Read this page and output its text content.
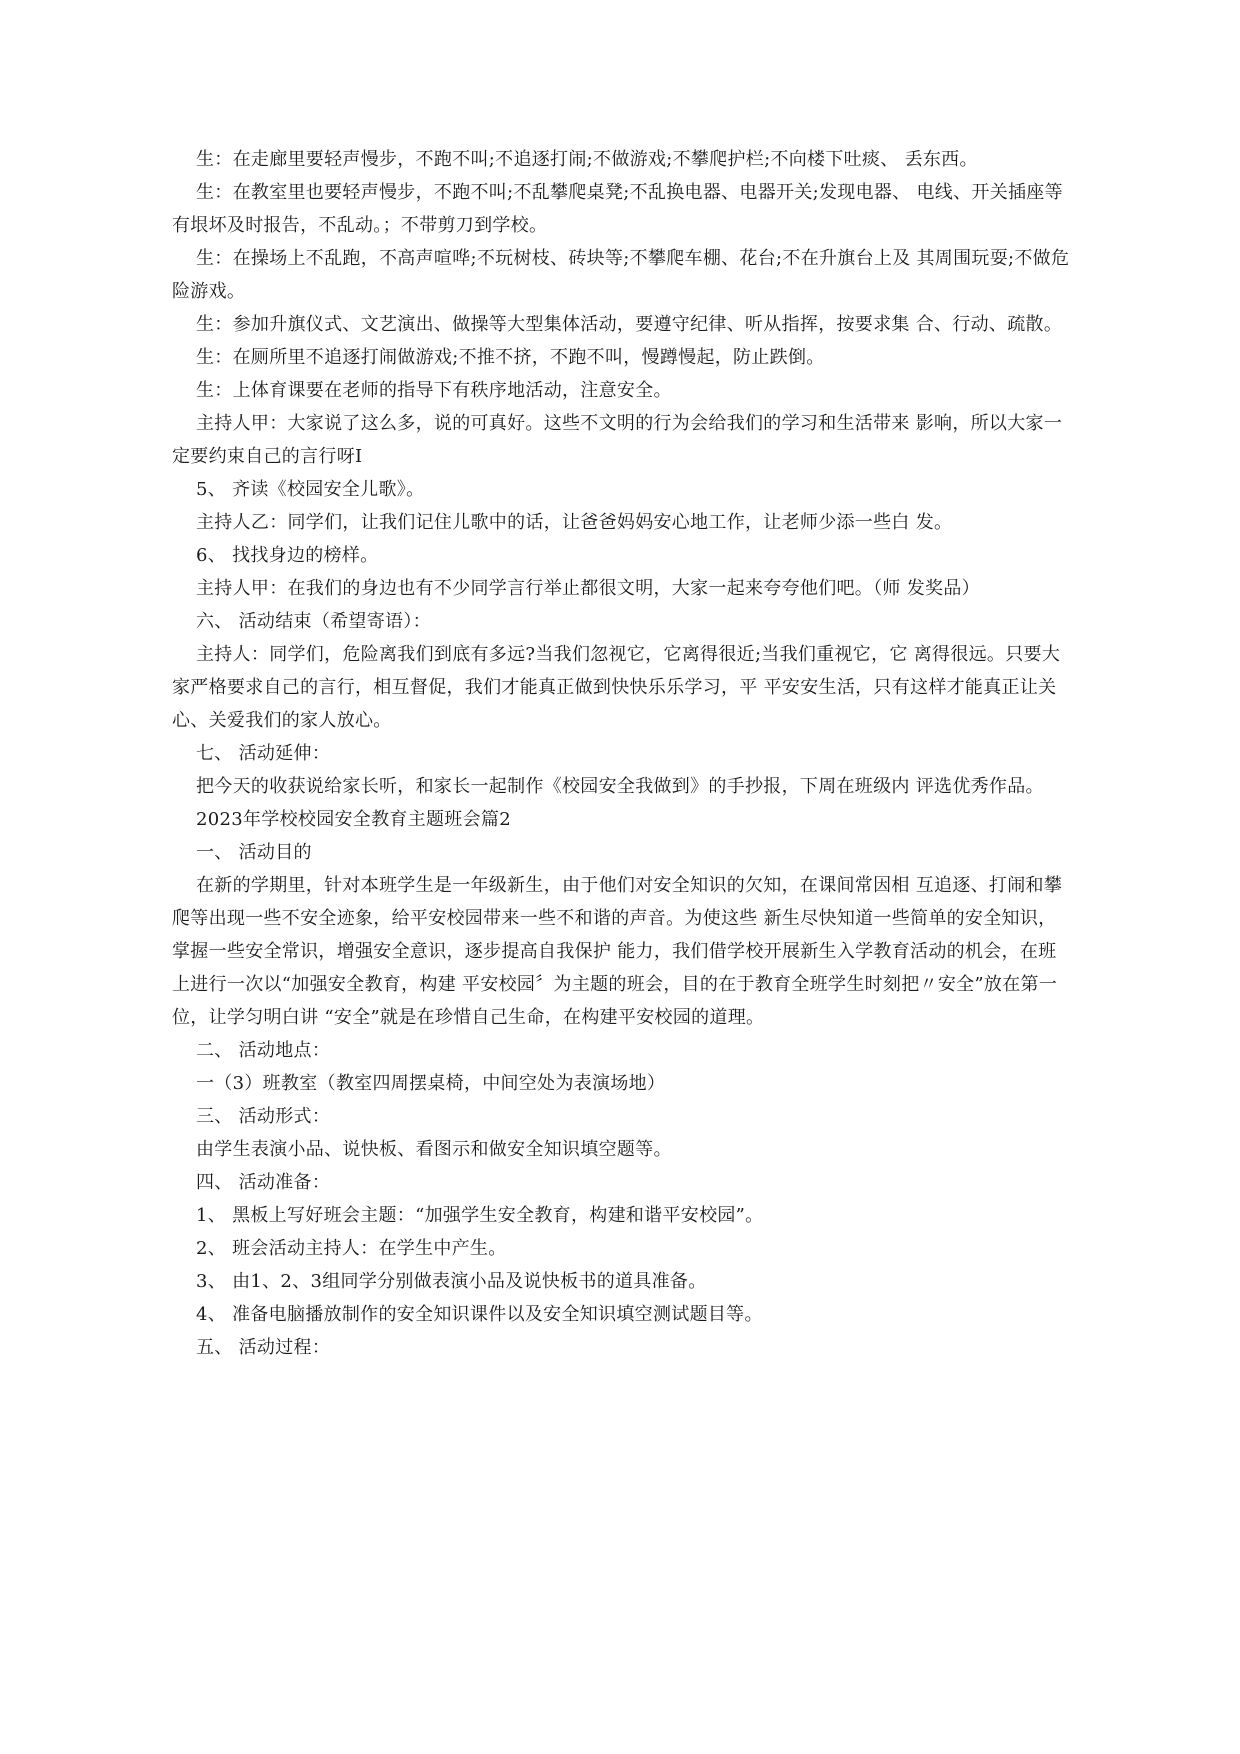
生：在走廊里要轻声慢步，不跑不叫;不追逐打闹;不做游戏;不攀爬护栏;不向楼下吐痰、 丢东西。

生：在教室里也要轻声慢步，不跑不叫;不乱攀爬桌凳;不乱换电器、电器开关;发现电器、 电线、开关插座等有垠坏及时报告，不乱动。；不带剪刀到学校。

生：在操场上不乱跑，不高声喧哗;不玩树枝、砖块等;不攀爬车棚、花台;不在升旗台上及 其周围玩耍;不做危险游戏。

生：参加升旗仪式、文艺演出、做操等大型集体活动，要遵守纪律、听从指挥，按要求集 合、行动、疏散。

生：在厕所里不追逐打闹做游戏;不推不挤，不跑不叫，慢蹲慢起，防止跌倒。

生：上体育课要在老师的指导下有秩序地活动，注意安全。

主持人甲：大家说了这么多，说的可真好。这些不文明的行为会给我们的学习和生活带来 影响，所以大家一定要约束自己的言行呀I

5、 齐读《校园安全儿歌》。

主持人乙：同学们，让我们记住儿歌中的话，让爸爸妈妈安心地工作，让老师少添一些白 发。

6、 找找身边的榜样。

主持人甲：在我们的身边也有不少同学言行举止都很文明，大家一起来夸夸他们吧。（师 发奖品）

六、 活动结束（希望寄语）：

主持人：同学们，危险离我们到底有多远?当我们忽视它，它离得很近;当我们重视它，它 离得很远。只要大家严格要求自己的言行，相互督促，我们才能真正做到快快乐乐学习，平 平安安生活，只有这样才能真正让关心、关爱我们的家人放心。

七、 活动延伸：

把今天的收获说给家长听，和家长一起制作《校园安全我做到》的手抄报，下周在班级内 评选优秀作品。

2023年学校校园安全教育主题班会篇2

一、 活动目的

在新的学期里，针对本班学生是一年级新生，由于他们对安全知识的欠知，在课间常因相 互追逐、打闹和攀爬等出现一些不安全迹象，给平安校园带来一些不和谐的声音。为使这些 新生尽快知道一些简单的安全知识，掌握一些安全常识，增强安全意识，逐步提高自我保护 能力，我们借学校开展新生入学教育活动的机会，在班上进行一次以“加强安全教育，构建 平安校园〞为主题的班会，目的在于教育全班学生时刻把〃安全”放在第一位，让学匀明白讲 “安全”就是在珍惜自己生命，在构建平安校园的道理。

二、 活动地点：

一（3）班教室（教室四周摆桌椅，中间空处为表演场地）

三、 活动形式：

由学生表演小品、说快板、看图示和做安全知识填空题等。

四、 活动准备：

1、 黑板上写好班会主题：“加强学生安全教育，构建和谐平安校园”。

2、 班会活动主持人：在学生中产生。

3、 由1、2、3组同学分别做表演小品及说快板书的道具准备。

4、 准备电脑播放制作的安全知识课件以及安全知识填空测试题目等。

五、 活动过程：
